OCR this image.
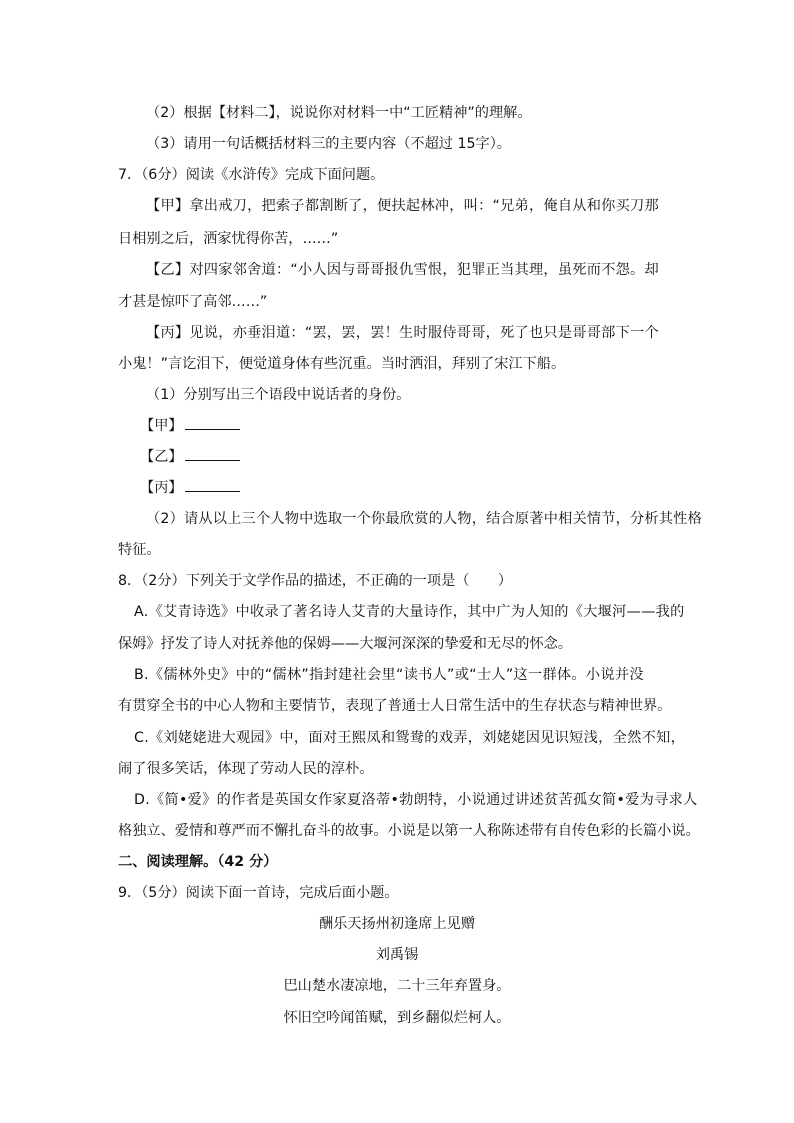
（2）根据【材料二】，说说你对材料一中“工匠精神”的理解。
（3）请用一句话概括材料三的主要内容（不超过 15字）。
7．（6分）阅读《水浒传》完成下面问题。
【甲】拿出戒刀，把索子都割断了，便扶起林冲，叫：“兄弟，俺自从和你买刀那
日相别之后，洒家忧得你苦，……”
【乙】对四家邻舍道：“小人因与哥哥报仇雪恨，犯罪正当其理，虽死而不怨。却
才甚是惊吓了高邻……”
【丙】见说，亦垂泪道：“罢，罢，罢！生时服侍哥哥，死了也只是哥哥部下一个
小鬼！”言讫泪下，便觉道身体有些沉重。当时洒泪，拜别了宋江下船。
（1）分别写出三个语段中说话者的身份。
【甲】
【乙】
【丙】
（2）请从以上三个人物中选取一个你最欣赏的人物，结合原著中相关情节，分析其性格
特征。
8．（2分）下列关于文学作品的描述，不正确的一项是（　　）
A.《艾青诗选》中收录了著名诗人艾青的大量诗作，其中广为人知的《大堰河——我的
保姆》抒发了诗人对抚养他的保姆——大堰河深深的挚爱和无尽的怀念。
B.《儒林外史》中的“儒林”指封建社会里“读书人”或“士人”这一群体。小说并没
有贯穿全书的中心人物和主要情节，表现了普通士人日常生活中的生存状态与精神世界。
C.《刘姥姥进大观园》中，面对王熙凤和鸳鸯的戏弄，刘姥姥因见识短浅，全然不知，
闹了很多笑话，体现了劳动人民的淳朴。
D.《简•爱》的作者是英国女作家夏洛蒂•勃朗特，小说通过讲述贫苦孤女简•爱为寻求人
格独立、爱情和尊严而不懈扎奋斗的故事。小说是以第一人称陈述带有自传色彩的长篇小说。
二、阅读理解。（42 分）
9．（5分）阅读下面一首诗，完成后面小题。
酬乐天扬州初逢席上见赠
刘禹锡
巴山楚水凄凉地，二十三年弃置身。
怀旧空吟闻笛赋，到乡翻似烂柯人。
